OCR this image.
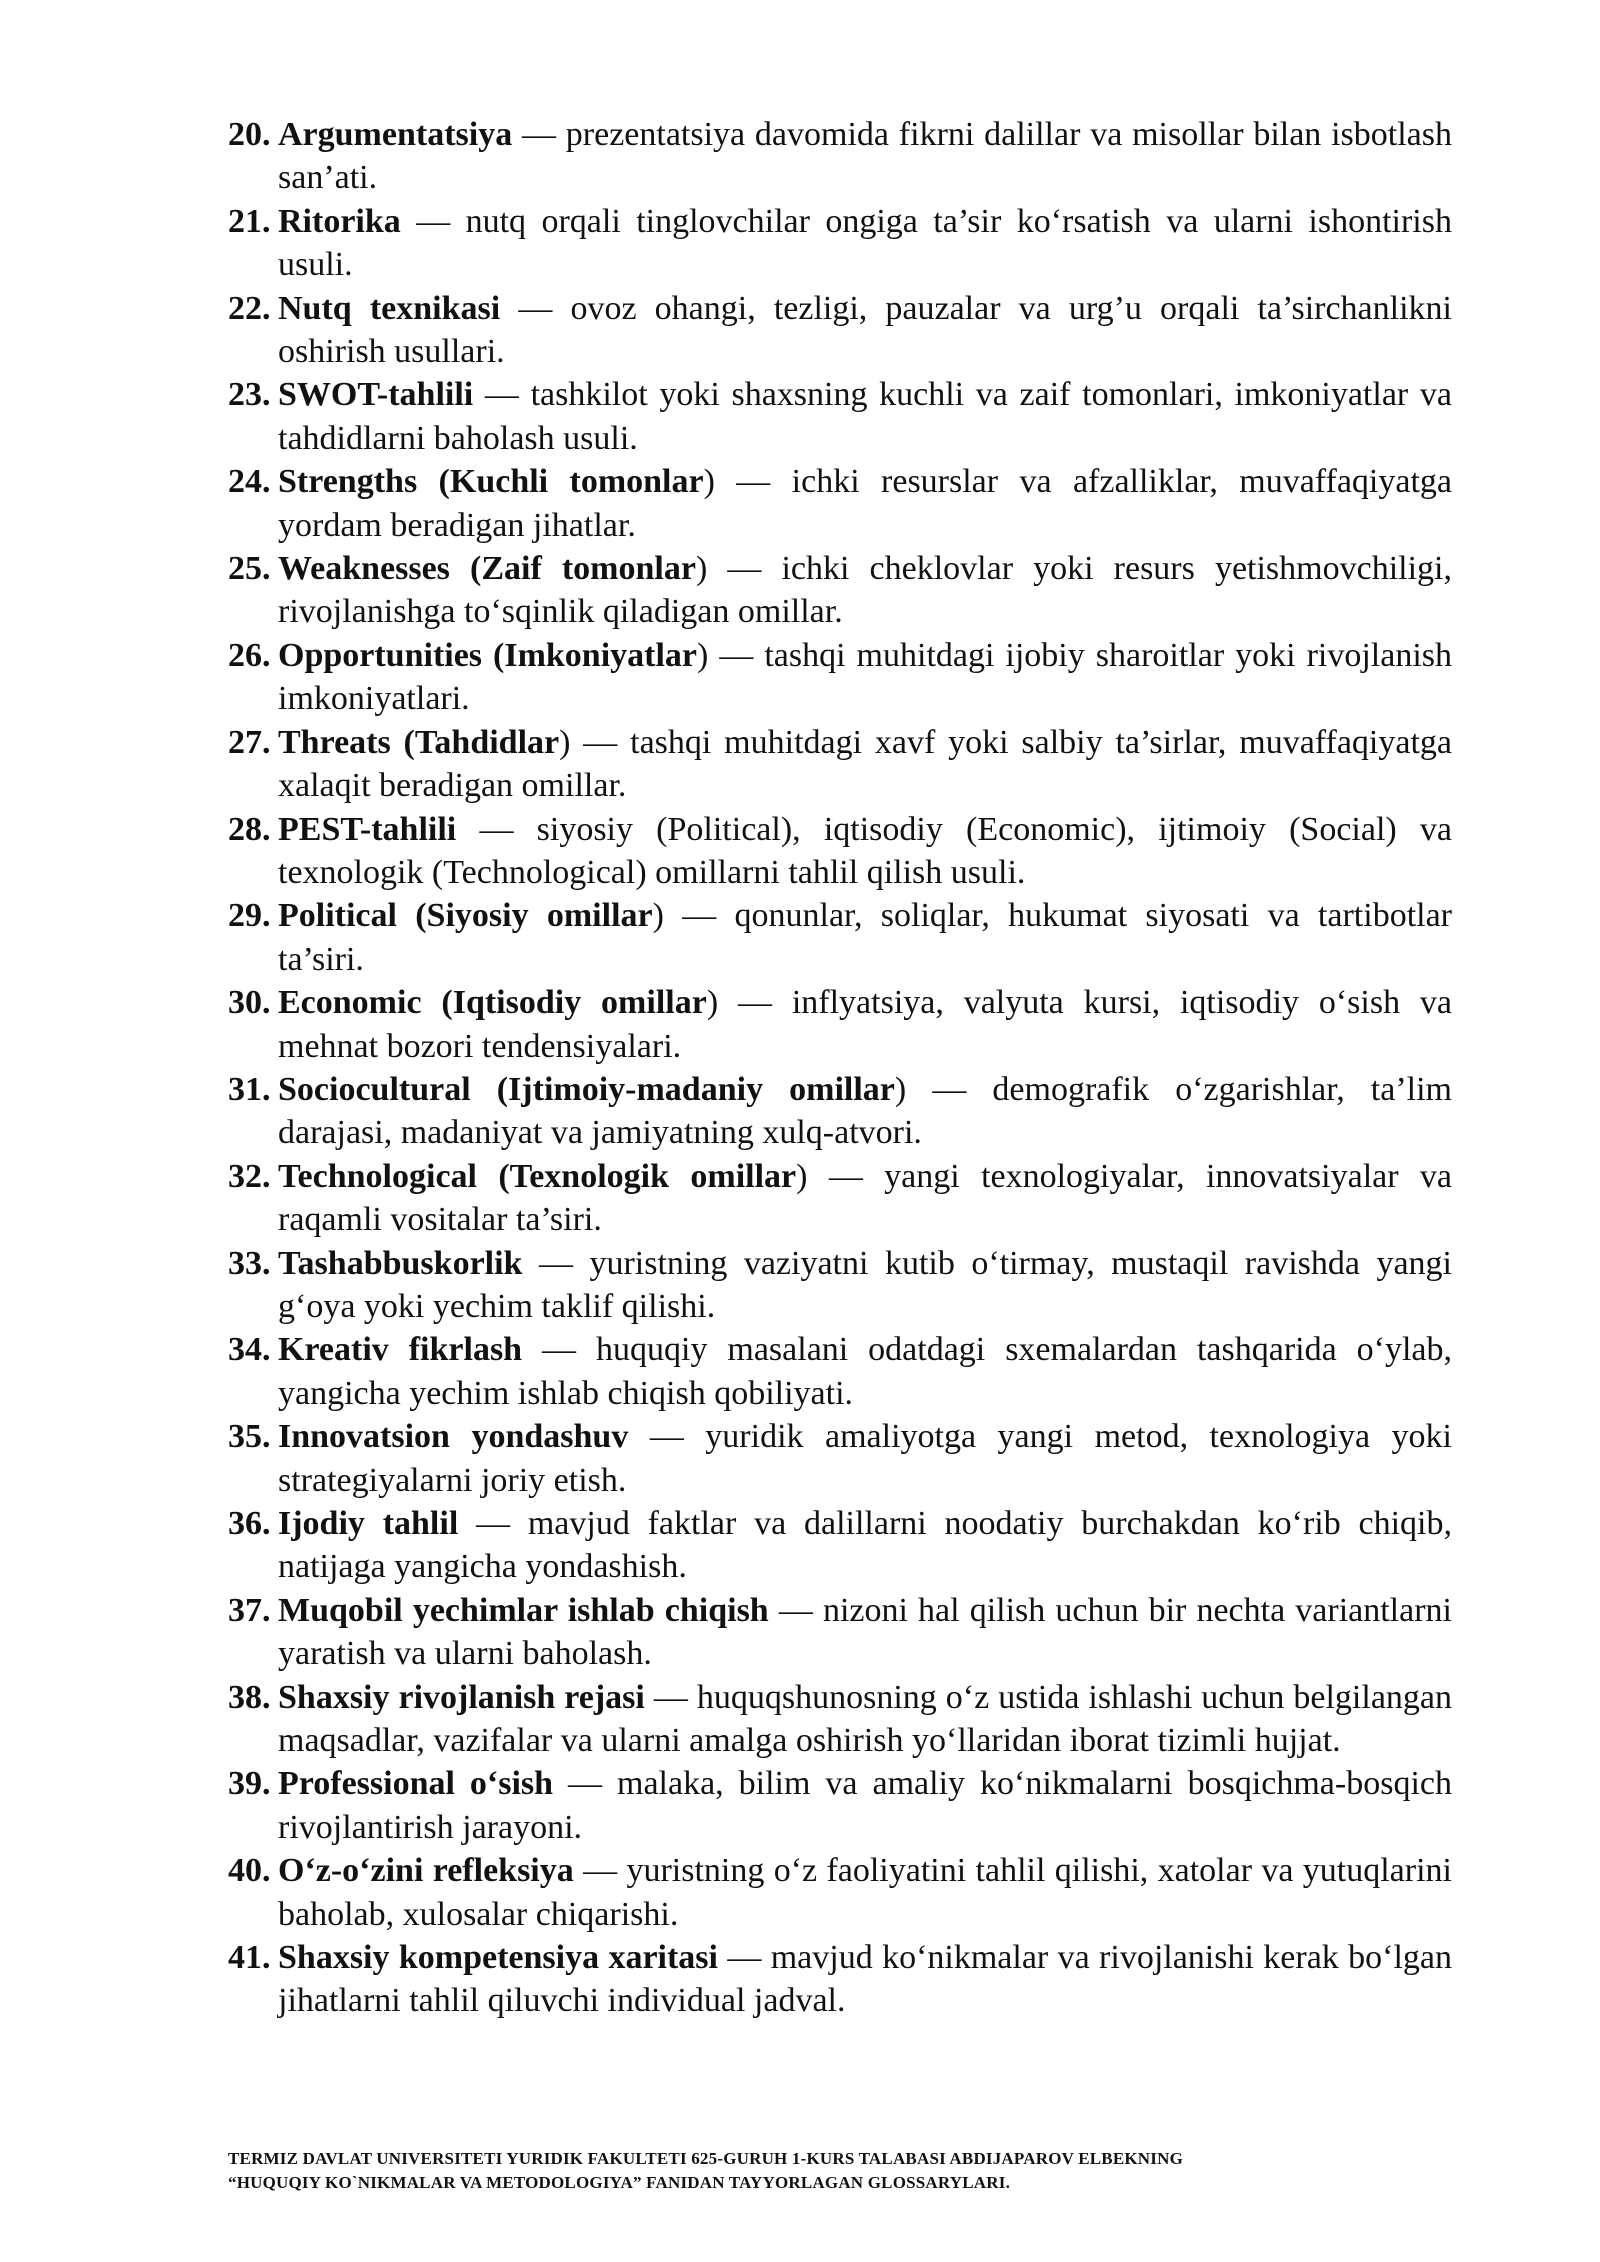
20. Argumentatsiya — prezentatsiya davomida fikrni dalillar va misollar bilan isbotlash san’ati.
21. Ritorika — nutq orqali tinglovchilar ongiga ta’sir ko‘rsatish va ularni ishontirish usuli.
22. Nutq texnikasi — ovoz ohangi, tezligi, pauzalar va urg’u orqali ta’sirchanlikni oshirish usullari.
23. SWOT-tahlili — tashkilot yoki shaxsning kuchli va zaif tomonlari, imkoniyatlar va tahdidlarni baholash usuli.
24. Strengths (Kuchli tomonlar) — ichki resurslar va afzalliklar, muvaffaqiyatga yordam beradigan jihatlar.
25. Weaknesses (Zaif tomonlar) — ichki cheklovlar yoki resurs yetishmovchiligi, rivojlanishga to‘sqinlik qiladigan omillar.
26. Opportunities (Imkoniyatlar) — tashqi muhitdagi ijobiy sharoitlar yoki rivojlanish imkoniyatlari.
27. Threats (Tahdidlar) — tashqi muhitdagi xavf yoki salbiy ta’sirlar, muvaffaqiyatga xalaqit beradigan omillar.
28. PEST-tahlili — siyosiy (Political), iqtisodiy (Economic), ijtimoiy (Social) va texnologik (Technological) omillarni tahlil qilish usuli.
29. Political (Siyosiy omillar) — qonunlar, soliqlar, hukumat siyosati va tartibotlar ta’siri.
30. Economic (Iqtisodiy omillar) — inflyatsiya, valyuta kursi, iqtisodiy o‘sish va mehnat bozori tendensiyalari.
31. Sociocultural (Ijtimoiy-madaniy omillar) — demografik o‘zgarishlar, ta’lim darajasi, madaniyat va jamiyatning xulq-atvori.
32. Technological (Texnologik omillar) — yangi texnologiyalar, innovatsiyalar va raqamli vositalar ta’siri.
33. Tashabbuskorlik — yuristning vaziyatni kutib o‘tirmay, mustaqil ravishda yangi g‘oya yoki yechim taklif qilishi.
34. Kreativ fikrlash — huquqiy masalani odatdagi sxemalardan tashqarida o‘ylab, yangicha yechim ishlab chiqish qobiliyati.
35. Innovatsion yondashuv — yuridik amaliyotga yangi metod, texnologiya yoki strategiyalarni joriy etish.
36. Ijodiy tahlil — mavjud faktlar va dalillarni noodatiy burchakdan ko‘rib chiqib, natijaga yangicha yondashish.
37. Muqobil yechimlar ishlab chiqish — nizoni hal qilish uchun bir nechta variantlarni yaratish va ularni baholash.
38. Shaxsiy rivojlanish rejasi — huquqshunosning o‘z ustida ishlashi uchun belgilangan maqsadlar, vazifalar va ularni amalga oshirish yo‘llaridan iborat tizimli hujjat.
39. Professional o‘sish — malaka, bilim va amaliy ko‘nikmalarni bosqichma-bosqich rivojlantirish jarayoni.
40. O‘z-o‘zini refleksiya — yuristning o‘z faoliyatini tahlil qilishi, xatolar va yutuqlarini baholab, xulosalar chiqarishi.
41. Shaxsiy kompetensiya xaritasi — mavjud ko‘nikmalar va rivojlanishi kerak bo‘lgan jihatlarni tahlil qiluvchi individual jadval.
TERMIZ DAVLAT UNIVERSITETI YURIDIK FAKULTETI 625-GURUH 1-KURS TALABASI ABDIJAPAROV ELBEKNING
“HUQUQIY KO`NIKMALAR VA METODOLOGIYA” FANIDAN TAYYORLAGAN GLOSSARYLARI.
